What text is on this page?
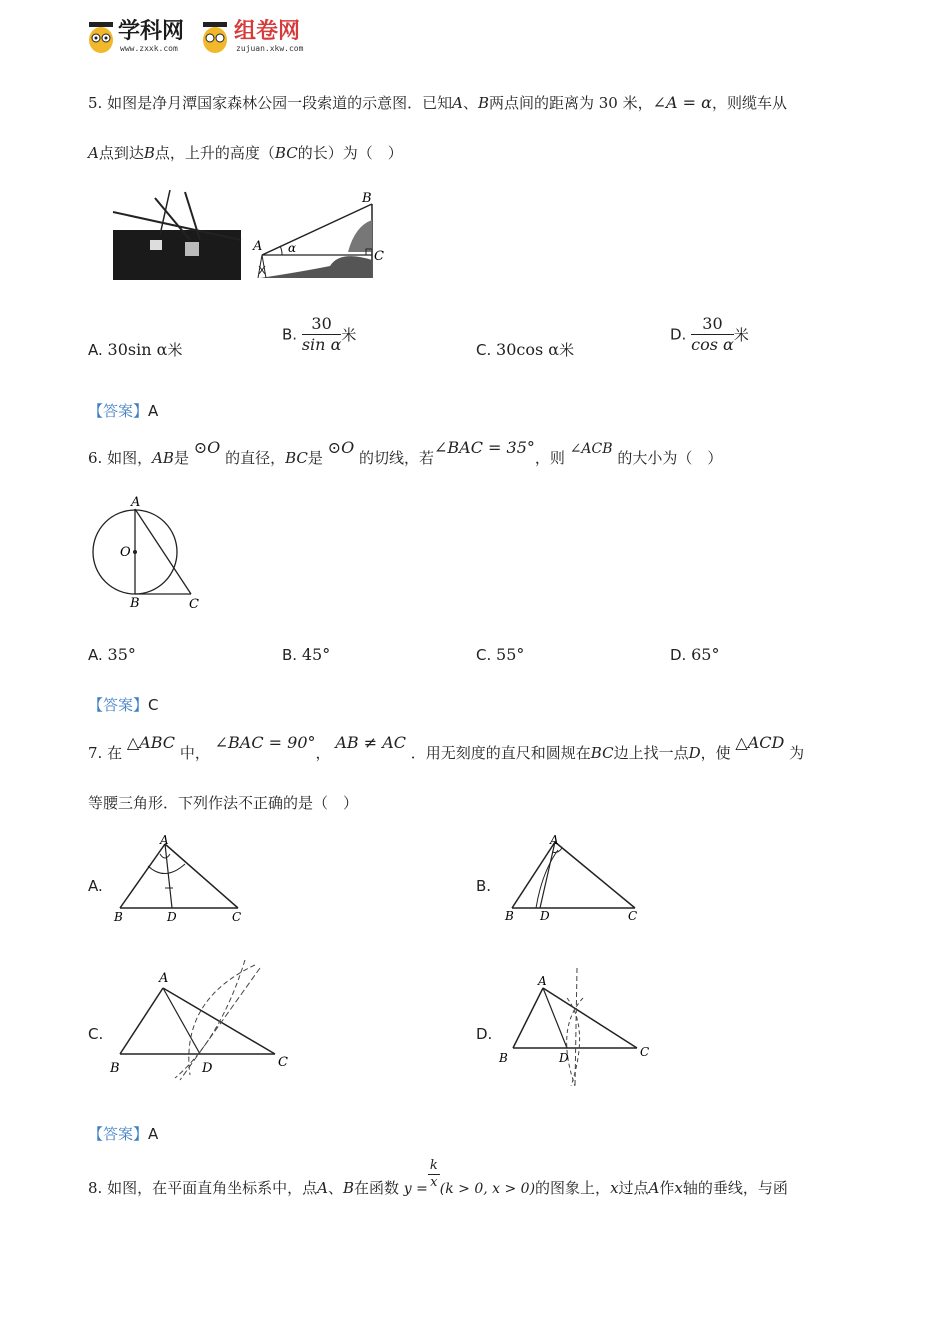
学科网
www.zxxk.com
组卷网
zujuan.xkw.com
5. 如图是净月潭国家森林公园一段索道的示意图．已知A、B两点间的距离为 30 米，∠A = α，则缆车从
A点到达B点，上升的高度（BC的长）为（　）
A
B
C
α
A. 30sin α米
B. $\frac{30}{\text{sin α}}$ 米
C. 30cos α米
D. $\frac{30}{\text{cos α}}$ 米
【答案】A
6. 如图，AB是 ⊙O 的直径，BC是 ⊙O 的切线，若∠BAC = 35°，则 ∠ACB 的大小为（　）
A
O
B	C
A. 35°	B. 45°	C. 55°	D. 65°
【答案】C
7. 在 △ABC 中， ∠BAC = 90°， AB ≠ AC ．用无刻度的直尺和圆规在BC边上找一点D，使 △ACD 为
等腰三角形．下列作法不正确的是（　）
A.
A
B	D	C
B.
A
B D	C
C.
A
B	D	C
D.
A
B	D	C
【答案】A
8. 如图，在平面直角坐标系中，点A、B在函数 $y = \frac{k}{x} (k > 0$, x > 0)的图象上，x过点A作x轴的垂线，与函
